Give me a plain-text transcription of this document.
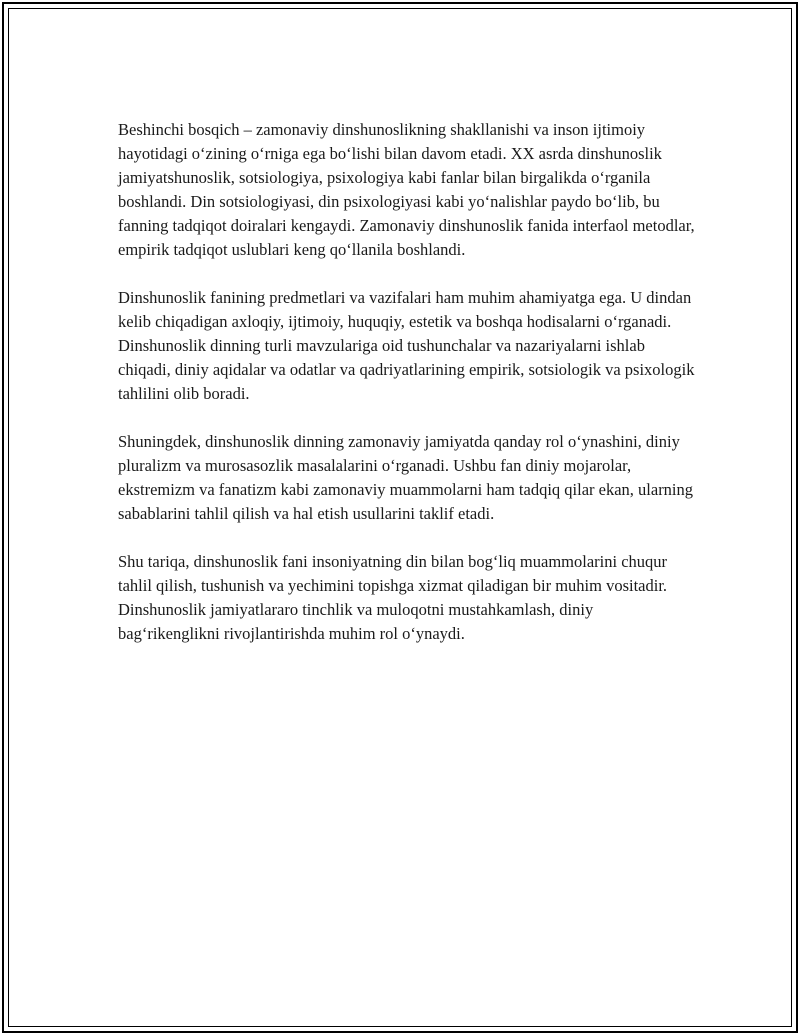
Beshinchi bosqich – zamonaviy dinshunoslikning shakllanishi va inson ijtimoiy hayotidagi o‘zining o‘rniga ega bo‘lishi bilan davom etadi. XX asrda dinshunoslik jamiyatshunoslik, sotsiologiya, psixologiya kabi fanlar bilan birgalikda o‘rganila boshlandi. Din sotsiologiyasi, din psixologiyasi kabi yo‘nalishlar paydo bo‘lib, bu fanning tadqiqot doiralari kengaydi. Zamonaviy dinshunoslik fanida interfaol metodlar, empirik tadqiqot uslublari keng qo‘llanila boshlandi.

Dinshunoslik fanining predmetlari va vazifalari ham muhim ahamiyatga ega. U dindan kelib chiqadigan axloqiy, ijtimoiy, huquqiy, estetik va boshqa hodisalarni o‘rganadi. Dinshunoslik dinning turli mavzulariga oid tushunchalar va nazariyalarni ishlab chiqadi, diniy aqidalar va odatlar va qadriyatlarining empirik, sotsiologik va psixologik tahlilini olib boradi.

Shuningdek, dinshunoslik dinning zamonaviy jamiyatda qanday rol o‘ynashini, diniy pluralizm va murosasozlik masalalarini o‘rganadi. Ushbu fan diniy mojarolar, ekstremizm va fanatizm kabi zamonaviy muammolarni ham tadqiq qilar ekan, ularning sabablarini tahlil qilish va hal etish usullarini taklif etadi.

Shu tariqa, dinshunoslik fani insoniyatning din bilan bog‘liq muammolarini chuqur tahlil qilish, tushunish va yechimini topishga xizmat qiladigan bir muhim vositadir. Dinshunoslik jamiyatlararo tinchlik va muloqotni mustahkamlash, diniy bag‘rikenglikni rivojlantirishda muhim rol o‘ynaydi.
